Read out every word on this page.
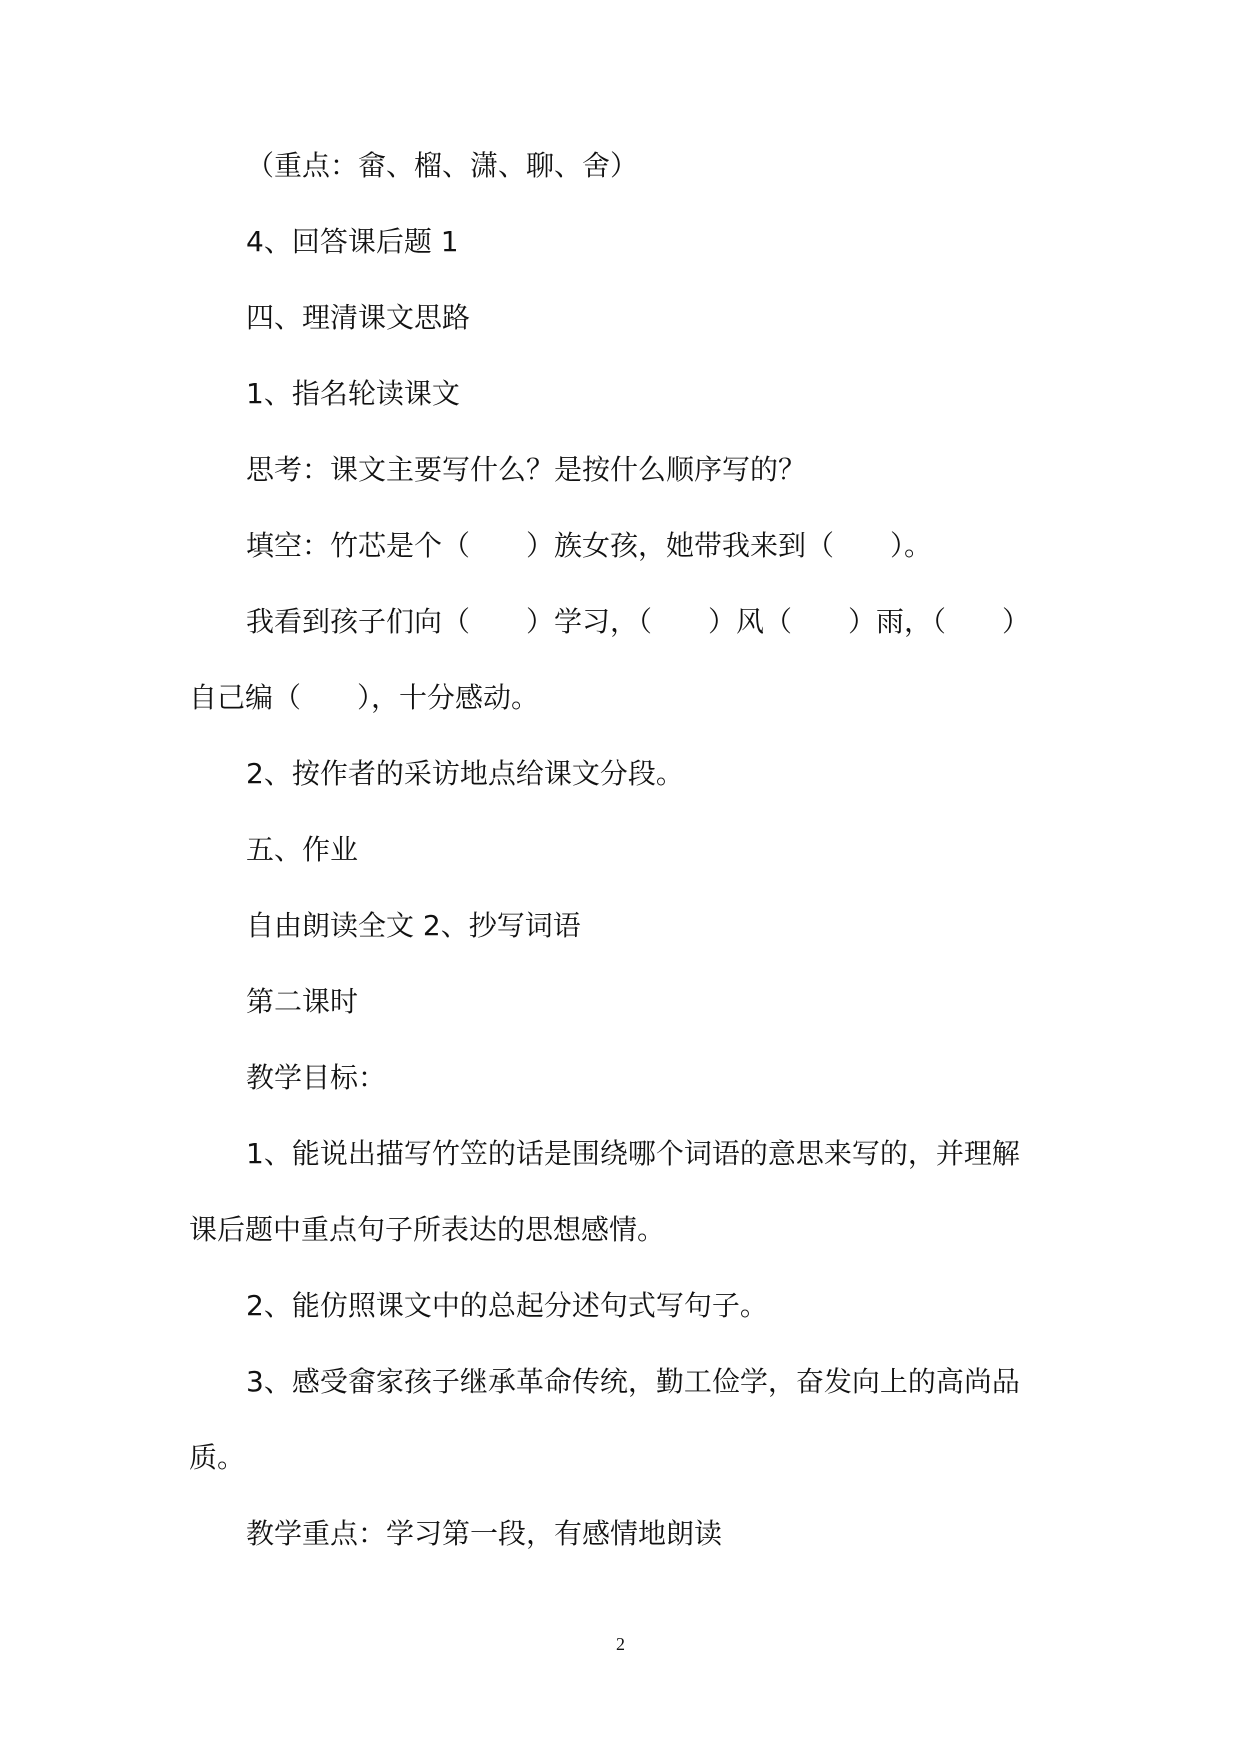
（重点：畲、榴、潇、聊、舍）
4、回答课后题 1
四、理清课文思路
1、指名轮读课文
思考：课文主要写什么？是按什么顺序写的？
填空：竹芯是个（　　）族女孩，她带我来到（　　）。
我看到孩子们向（　　）学习，（　　）风（　　）雨，（　　）
自己编（　　），十分感动。
2、按作者的采访地点给课文分段。
五、作业
自由朗读全文 2、抄写词语
第二课时
教学目标：
1、能说出描写竹笠的话是围绕哪个词语的意思来写的，并理解
课后题中重点句子所表达的思想感情。
2、能仿照课文中的总起分述句式写句子。
3、感受畲家孩子继承革命传统，勤工俭学，奋发向上的高尚品
质。
教学重点：学习第一段，有感情地朗读
2
